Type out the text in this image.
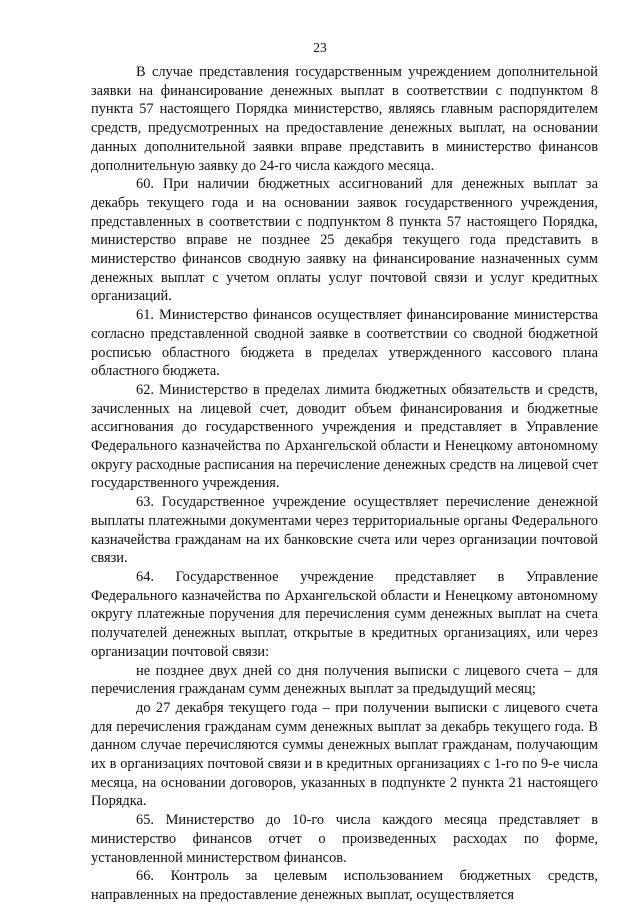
23

В случае представления государственным учреждением дополнительной заявки на финансирование денежных выплат в соответствии с подпунктом 8 пункта 57 настоящего Порядка министерство, являясь главным распорядителем средств, предусмотренных на предоставление денежных выплат, на основании данных дополнительной заявки вправе представить в министерство финансов дополнительную заявку до 24-го числа каждого месяца.

60. При наличии бюджетных ассигнований для денежных выплат за декабрь текущего года и на основании заявок государственного учреждения, представленных в соответствии с подпунктом 8 пункта 57 настоящего Порядка, министерство вправе не позднее 25 декабря текущего года представить в министерство финансов сводную заявку на финансирование назначенных сумм денежных выплат с учетом оплаты услуг почтовой связи и услуг кредитных организаций.

61. Министерство финансов осуществляет финансирование министерства согласно представленной сводной заявке в соответствии со сводной бюджетной росписью областного бюджета в пределах утвержденного кассового плана областного бюджета.

62. Министерство в пределах лимита бюджетных обязательств и средств, зачисленных на лицевой счет, доводит объем финансирования и бюджетные ассигнования до государственного учреждения и представляет в Управление Федерального казначейства по Архангельской области и Ненецкому автономному округу расходные расписания на перечисление денежных средств на лицевой счет государственного учреждения.

63. Государственное учреждение осуществляет перечисление денежной выплаты платежными документами через территориальные органы Федерального казначейства гражданам на их банковские счета или через организации почтовой связи.

64. Государственное учреждение представляет в Управление Федерального казначейства по Архангельской области и Ненецкому автономному округу платежные поручения для перечисления сумм денежных выплат на счета получателей денежных выплат, открытые в кредитных организациях, или через организации почтовой связи:

не позднее двух дней со дня получения выписки с лицевого счета – для перечисления гражданам сумм денежных выплат за предыдущий месяц;

до 27 декабря текущего года – при получении выписки с лицевого счета для перечисления гражданам сумм денежных выплат за декабрь текущего года. В данном случае перечисляются суммы денежных выплат гражданам, получающим их в организациях почтовой связи и в кредитных организациях с 1-го по 9-е числа месяца, на основании договоров, указанных в подпункте 2 пункта 21 настоящего Порядка.

65. Министерство до 10-го числа каждого месяца представляет в министерство финансов отчет о произведенных расходах по форме, установленной министерством финансов.

66. Контроль за целевым использованием бюджетных средств, направленных на предоставление денежных выплат, осуществляется
